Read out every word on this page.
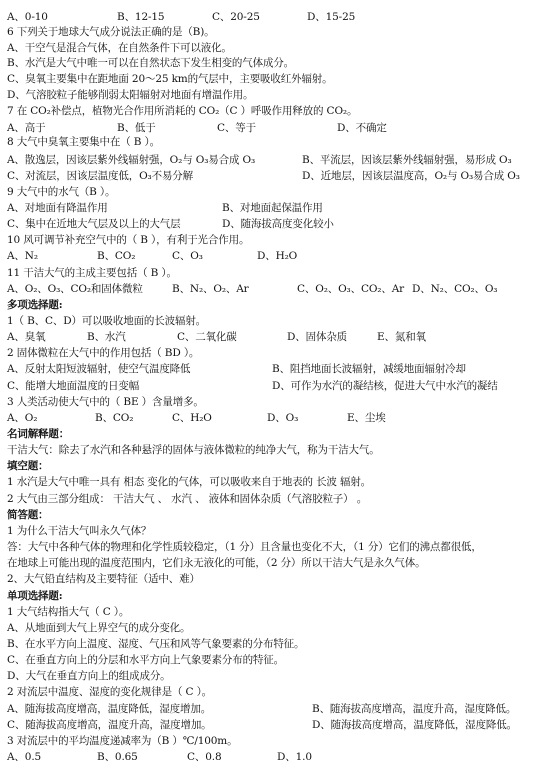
A、0-10	B、12-15	C、20-25	D、15-25
6 下列关于地球大气成分说法正确的是（B)。
A、干空气是混合气体，在自然条件下可以液化。
B、水汽是大气中唯一可以在自然状态下发生相变的气体成分。
C、臭氧主要集中在距地面 20～25 km的气层中，主要吸收红外辐射。
D、气溶胶粒子能够削弱太阳辐射对地面有增温作用。
7 在 CO₂补偿点，植物光合作用所消耗的 CO₂（C ）呼吸作用释放的 CO₂。
A、高于	B、低于	C、等于	D、不确定
8 大气中臭氧主要集中在（ B ）。
A、散逸层，因该层紫外线辐射强，O₂与 O₃易合成 O₃	B、平流层，因该层紫外线辐射强，易形成 O₃
C、对流层，因该层温度低，O₃不易分解	D、近地层，因该层温度高，O₂与 O₃易合成 O₃
9 大气中的水气（B ）。
A、对地面有降温作用	B、对地面起保温作用
C、集中在近地大气层及以上的大气层	D、随海拔高度变化较小
10 风可调节补充空气中的（ B ），有利于光合作用。
A、N₂	B、CO₂	C、O₃	D、H₂O
11 干洁大气的主成主要包括（ B ）。
A、O₂、O₃、CO₂和固体微粒	B、N₂、O₂、Ar	C、O₂、O₃、CO₂、Ar D、N₂、CO₂、O₃
多项选择题:
1（ B、C、D）可以吸收地面的长波辐射。
A、臭氧	B、水汽	C、二氧化碳	D、固体杂质	E、氮和氧
2 固体微粒在大气中的作用包括（ BD ）。
A、反射太阳短波辐射，使空气温度降低	B、阻挡地面长波辐射，减缓地面辐射冷却
C、能增大地面温度的日变幅	D、可作为水汽的凝结核，促进大气中水汽的凝结
3 人类活动使大气中的（ BE ）含量增多。
A、O₂	B、CO₂	C、H₂O	D、O₃	E、尘埃
名词解释题：
干洁大气：除去了水汽和各种悬浮的固体与液体微粒的纯净大气，称为干洁大气。
填空题：
1 水汽是大气中唯一具有 相态 变化的气体，可以吸收来自于地表的 长波 辐射。
2 大气由三部分组成： 干洁大气 、 水汽 、 液体和固体杂质（气溶胶粒子） 。
简答题：
1 为什么干洁大气叫永久气体？
答：大气中各种气体的物理和化学性质较稳定，（1 分）且含量也变化不大，（1 分）它们的沸点都很低，
在地球上可能出现的温度范围内，它们永无液化的可能，（2 分）所以干洁大气是永久气体。
2、大气铅直结构及主要特征（适中、难）
单项选择题:
1 大气结构指大气（ C ）。
A、从地面到大气上界空气的成分变化。
B、在水平方向上温度、湿度、气压和风等气象要素的分布特征。
C、在垂直方向上的分层和水平方向上气象要素分布的特征。
D、大气在垂直方向上的组成成分。
2 对流层中温度、湿度的变化规律是（ C ）。
A、随海拔高度增高，温度降低，湿度增加。	B、随海拔高度增高，温度升高，湿度降低。
C、随海拔高度增高，温度升高，湿度增加。	D、随海拔高度增高，温度降低，湿度降低。
3 对流层中的平均温度递减率为（B ）℃/100m。
A、0.5	B、0.65	C、0.8	D、1.0
